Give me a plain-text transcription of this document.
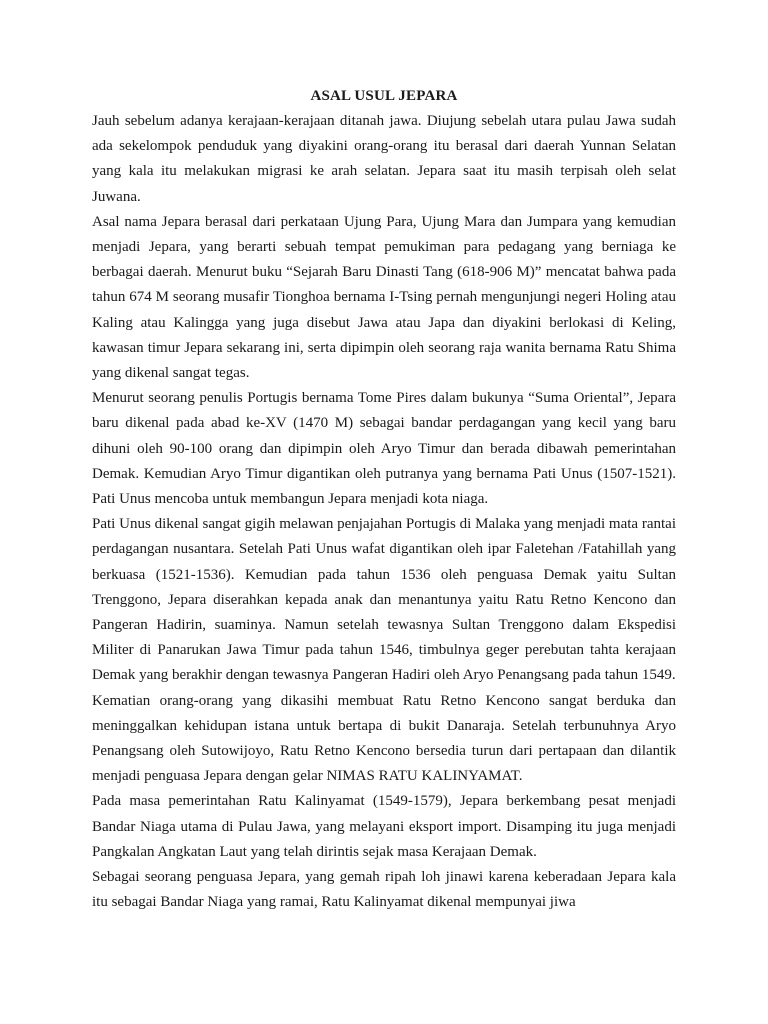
ASAL USUL JEPARA

Jauh sebelum adanya kerajaan-kerajaan ditanah jawa. Diujung sebelah utara pulau Jawa sudah ada sekelompok penduduk yang diyakini orang-orang itu berasal dari daerah Yunnan Selatan yang kala itu melakukan migrasi ke arah selatan. Jepara saat itu masih terpisah oleh selat Juwana.

Asal nama Jepara berasal dari perkataan Ujung Para, Ujung Mara dan Jumpara yang kemudian menjadi Jepara, yang berarti sebuah tempat pemukiman para pedagang yang berniaga ke berbagai daerah. Menurut buku “Sejarah Baru Dinasti Tang (618-906 M)” mencatat bahwa pada tahun 674 M seorang musafir Tionghoa bernama I-Tsing pernah mengunjungi negeri Holing atau Kaling atau Kalingga yang juga disebut Jawa atau Japa dan diyakini berlokasi di Keling, kawasan timur Jepara sekarang ini, serta dipimpin oleh seorang raja wanita bernama Ratu Shima yang dikenal sangat tegas.

Menurut seorang penulis Portugis bernama Tome Pires dalam bukunya “Suma Oriental”, Jepara baru dikenal pada abad ke-XV (1470 M) sebagai bandar perdagangan yang kecil yang baru dihuni oleh 90-100 orang dan dipimpin oleh Aryo Timur dan berada dibawah pemerintahan Demak. Kemudian Aryo Timur digantikan oleh putranya yang bernama Pati Unus (1507-1521). Pati Unus mencoba untuk membangun Jepara menjadi kota niaga.

Pati Unus dikenal sangat gigih melawan penjajahan Portugis di Malaka yang menjadi mata rantai perdagangan nusantara. Setelah Pati Unus wafat digantikan oleh ipar Faletehan /Fatahillah yang berkuasa (1521-1536). Kemudian pada tahun 1536 oleh penguasa Demak yaitu Sultan Trenggono, Jepara diserahkan kepada anak dan menantunya yaitu Ratu Retno Kencono dan Pangeran Hadirin, suaminya. Namun setelah tewasnya Sultan Trenggono dalam Ekspedisi Militer di Panarukan Jawa Timur pada tahun 1546, timbulnya geger perebutan tahta kerajaan Demak yang berakhir dengan tewasnya Pangeran Hadiri oleh Aryo Penangsang pada tahun 1549.

Kematian orang-orang yang dikasihi membuat Ratu Retno Kencono sangat berduka dan meninggalkan kehidupan istana untuk bertapa di bukit Danaraja. Setelah terbunuhnya Aryo Penangsang oleh Sutowijoyo, Ratu Retno Kencono bersedia turun dari pertapaan dan dilantik menjadi penguasa Jepara dengan gelar NIMAS RATU KALINYAMAT.

Pada masa pemerintahan Ratu Kalinyamat (1549-1579), Jepara berkembang pesat menjadi Bandar Niaga utama di Pulau Jawa, yang melayani eksport import. Disamping itu juga menjadi Pangkalan Angkatan Laut yang telah dirintis sejak masa Kerajaan Demak.

Sebagai seorang penguasa Jepara, yang gemah ripah loh jinawi karena keberadaan Jepara kala itu sebagai Bandar Niaga yang ramai, Ratu Kalinyamat dikenal mempunyai jiwa
